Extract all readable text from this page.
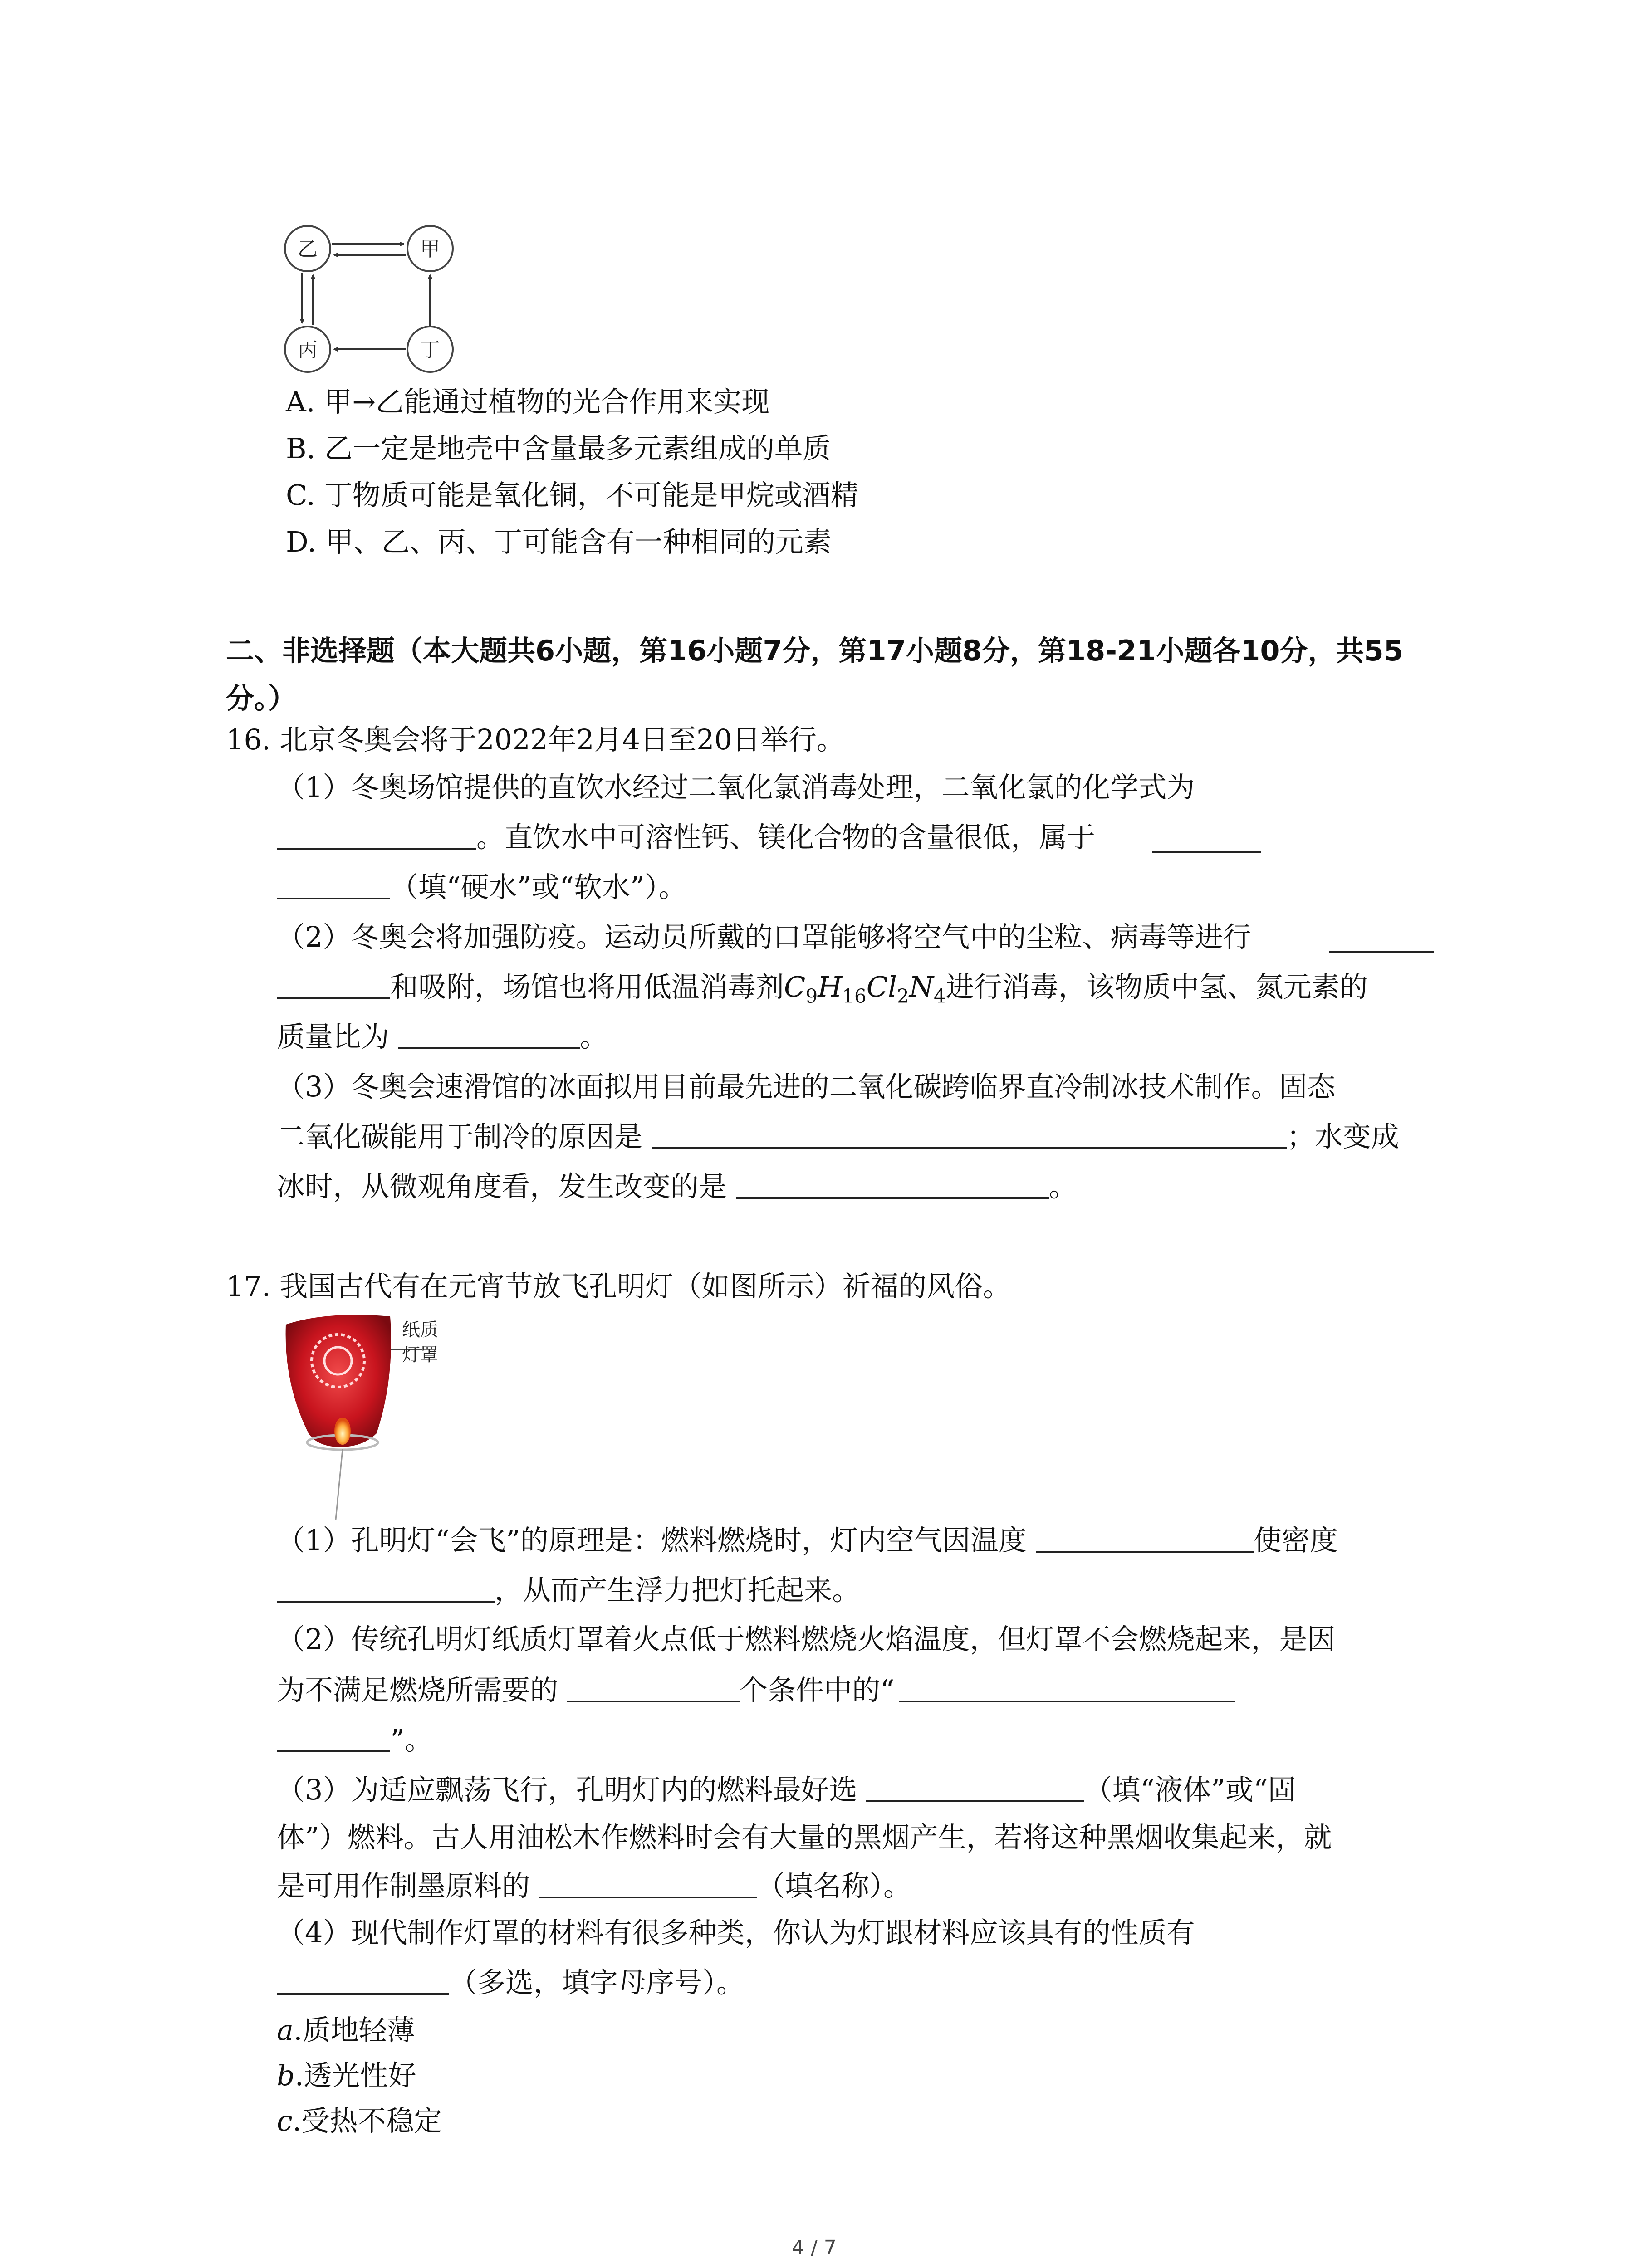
乙	甲
丙	丁
A. 甲→乙能通过植物的光合作用来实现
B. 乙一定是地壳中含量最多元素组成的单质
C. 丁物质可能是氧化铜，不可能是甲烷或酒精
D. 甲、乙、丙、丁可能含有一种相同的元素
二、非选择题（本大题共6小题，第16小题7分，第17小题8分，第18-21小题各10分，共55
分。）
16. 北京冬奥会将于2022年2月4日至20日举行。
（1）冬奥场馆提供的直饮水经过二氧化氯消毒处理，二氧化氯的化学式为
。直饮水中可溶性钙、镁化合物的含量很低，属于
（填“硬水”或“软水”）。
（2）冬奥会将加强防疫。运动员所戴的口罩能够将空气中的尘粒、病毒等进行
和吸附，场馆也将用低温消毒剂$C_9H_{16}Cl_2N_4$进行消毒，该物质中氢、氮元素的
质量比为	。
（3）冬奥会速滑馆的冰面拟用目前最先进的二氧化碳跨临界直冷制冰技术制作。固态
二氧化碳能用于制冷的原因是	；水变成
冰时，从微观角度看，发生改变的是	。
17. 我国古代有在元宵节放飞孔明灯（如图所示）祈福的风俗。
纸质
灯罩
（1）孔明灯“会飞”的原理是：燃料燃烧时，灯内空气因温度	使密度
，从而产生浮力把灯托起来。
（2）传统孔明灯纸质灯罩着火点低于燃料燃烧火焰温度，但灯罩不会燃烧起来，是因
为不满足燃烧所需要的	个条件中的“
”。
（3）为适应飘荡飞行，孔明灯内的燃料最好选	（填“液体”或“固
体”）燃料。古人用油松木作燃料时会有大量的黑烟产生，若将这种黑烟收集起来，就
是可用作制墨原料的	（填名称）。
（4）现代制作灯罩的材料有很多种类，你认为灯跟材料应该具有的性质有
（多选，填字母序号）。
a.质地轻薄
b.透光性好
c.受热不稳定
4 / 7
